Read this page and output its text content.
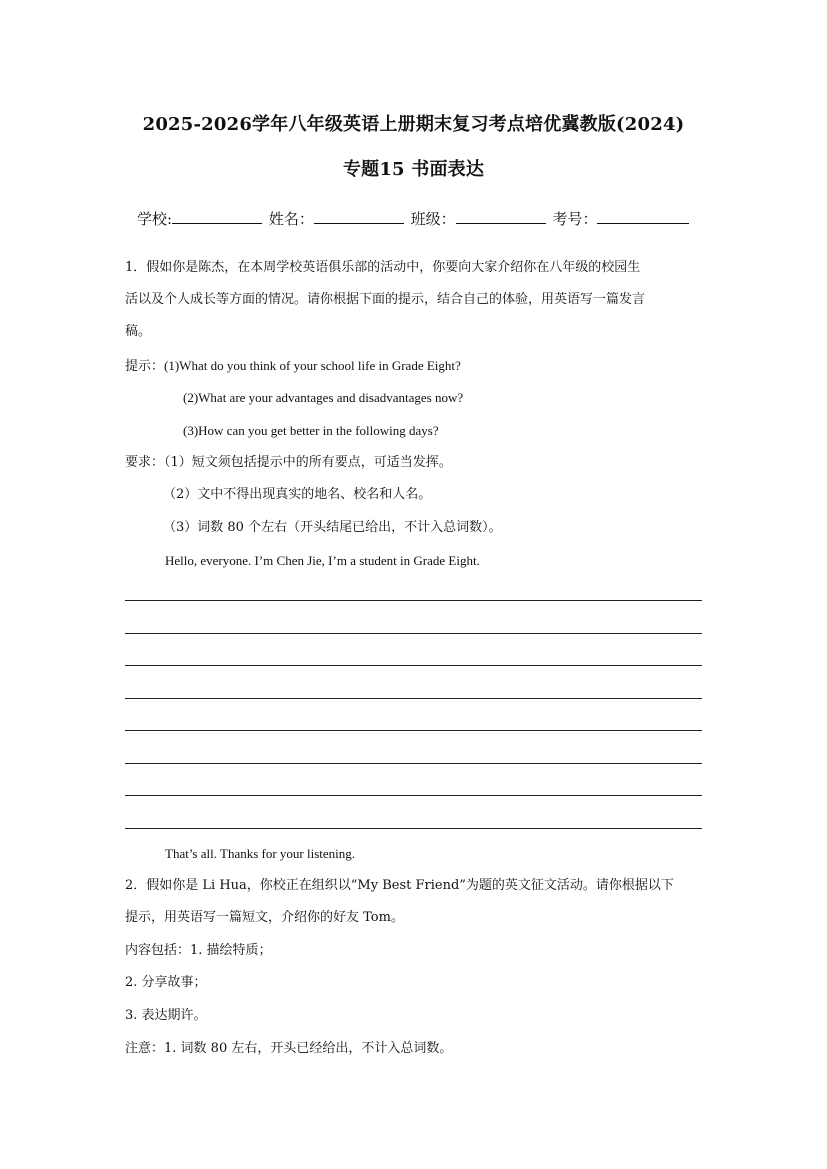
2025-2026学年八年级英语上册期末复习考点培优冀教版(2024)
专题15 书面表达
学校:	姓名：	班级：	考号：
1．假如你是陈杰，在本周学校英语俱乐部的活动中，你要向大家介绍你在八年级的校园生
活以及个人成长等方面的情况。请你根据下面的提示，结合自己的体验，用英语写一篇发言
稿。
提示：(1)What do you think of your school life in Grade Eight?
(2)What are your advantages and disadvantages now?
(3)How can you get better in the following days?
要求：（1）短文须包括提示中的所有要点，可适当发挥。
（2）文中不得出现真实的地名、校名和人名。
（3）词数 80 个左右（开头结尾已给出，不计入总词数）。
Hello, everyone. I’m Chen Jie, I’m a student in Grade Eight.
That’s all. Thanks for your listening.
2．假如你是 Li Hua，你校正在组织以“My Best Friend”为题的英文征文活动。请你根据以下
提示，用英语写一篇短文，介绍你的好友 Tom。
内容包括：1. 描绘特质；
2. 分享故事；
3. 表达期许。
注意：1. 词数 80 左右，开头已经给出，不计入总词数。
